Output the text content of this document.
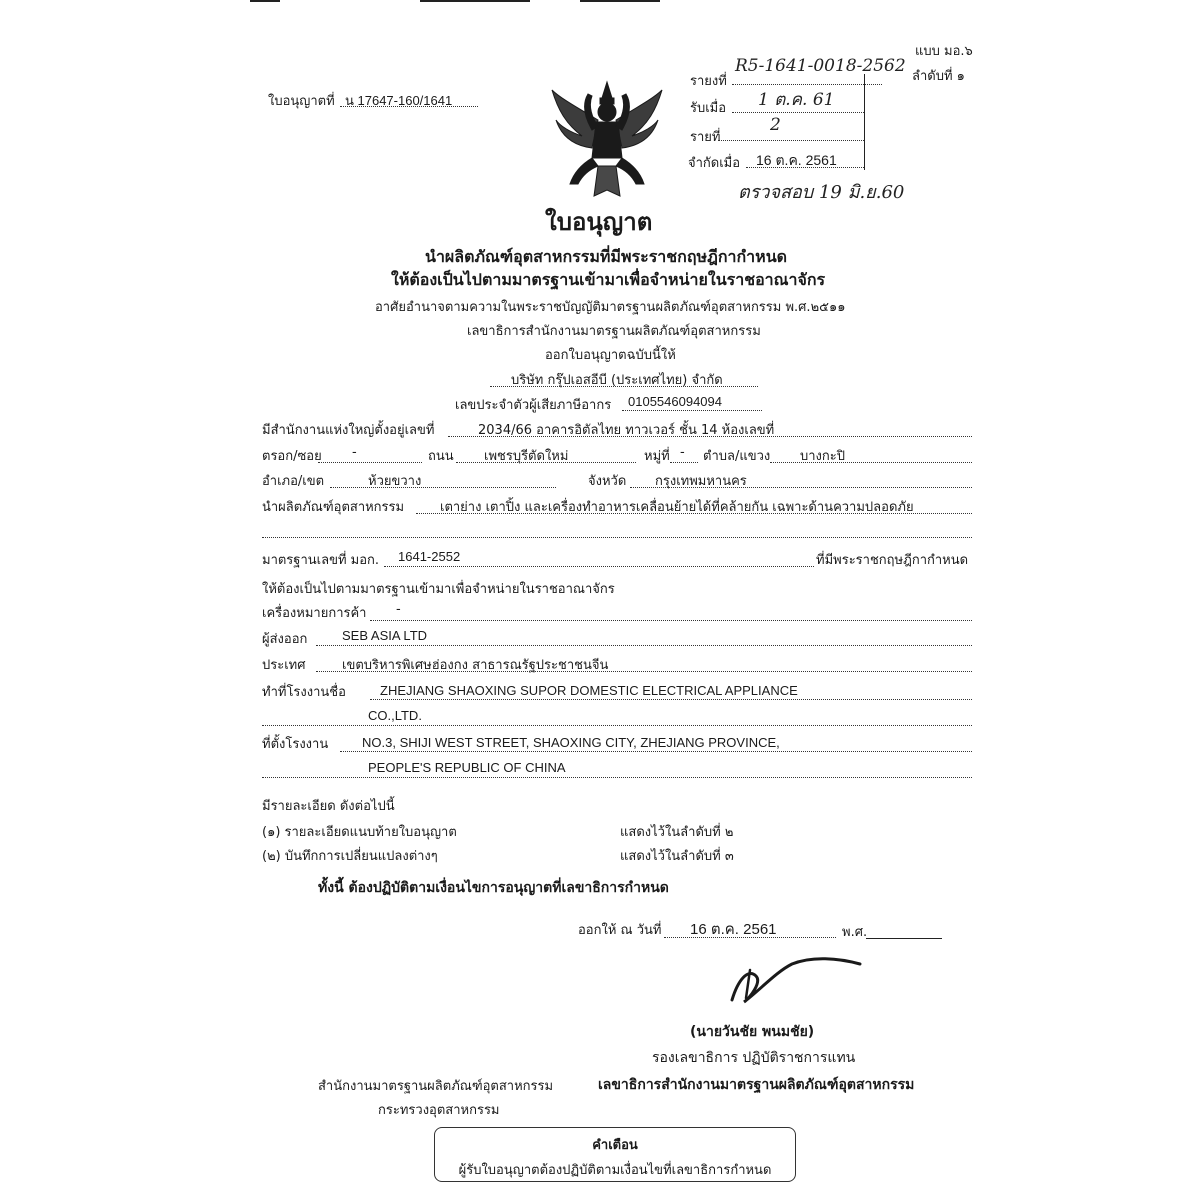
แบบ มอ.๖
ลำดับที่ ๑
ใบอนุญาตที่ น 17647-160/1641
รายงที่
R5-1641-0018-2562
รับเมื่อ 1 ต.ค. 61
รายที่
2
จำกัดเมื่อ 16 ต.ค. 2561
ตรวจสอบ 19 มิ.ย.60
ใบอนุญาต
นำผลิตภัณฑ์อุตสาหกรรมที่มีพระราชกฤษฎีกากำหนด
ให้ต้องเป็นไปตามมาตรฐานเข้ามาเพื่อจำหน่ายในราชอาณาจักร
อาศัยอำนาจตามความในพระราชบัญญัติมาตรฐานผลิตภัณฑ์อุตสาหกรรม พ.ศ.๒๕๑๑
เลขาธิการสำนักงานมาตรฐานผลิตภัณฑ์อุตสาหกรรม
ออกใบอนุญาตฉบับนี้ให้
บริษัท กรุ๊ปเอสอีบี (ประเทศไทย) จำกัด
เลขประจำตัวผู้เสียภาษีอากร 0105546094094
มีสำนักงานแห่งใหญ่ตั้งอยู่เลขที่	2034/66 อาคารอิตัลไทย ทาวเวอร์ ชั้น 14 ห้องเลขที่
ตรอก/ซอย -	ถนน เพชรบุรีตัดใหม่	หมู่ที่ - ตำบล/แขวง บางกะปิ
อำเภอ/เขต	ห้วยขวาง	จังหวัด กรุงเทพมหานคร
นำผลิตภัณฑ์อุตสาหกรรม	เตาย่าง เตาปิ้ง และเครื่องทำอาหารเคลื่อนย้ายได้ที่คล้ายกัน เฉพาะด้านความปลอดภัย
มาตรฐานเลขที่ มอก. 1641-2552	ที่มีพระราชกฤษฎีกากำหนด
ให้ต้องเป็นไปตามมาตรฐานเข้ามาเพื่อจำหน่ายในราชอาณาจักร
เครื่องหมายการค้า -
ผู้ส่งออก	SEB ASIA LTD
ประเทศ	เขตบริหารพิเศษฮ่องกง สาธารณรัฐประชาชนจีน
ทำที่โรงงานชื่อ	ZHEJIANG SHAOXING SUPOR DOMESTIC ELECTRICAL APPLIANCE
CO.,LTD.
ที่ตั้งโรงงาน	NO.3, SHIJI WEST STREET, SHAOXING CITY, ZHEJIANG PROVINCE,
PEOPLE'S REPUBLIC OF CHINA
มีรายละเอียด ดังต่อไปนี้
(๑) รายละเอียดแนบท้ายใบอนุญาต	แสดงไว้ในลำดับที่ ๒
(๒) บันทึกการเปลี่ยนแปลงต่างๆ	แสดงไว้ในลำดับที่ ๓
ทั้งนี้ ต้องปฏิบัติตามเงื่อนไขการอนุญาตที่เลขาธิการกำหนด
ออกให้ ณ วันที่ 16 ต.ค. 2561	พ.ศ.
(นายวันชัย พนมชัย)
รองเลขาธิการ ปฏิบัติราชการแทน
เลขาธิการสำนักงานมาตรฐานผลิตภัณฑ์อุตสาหกรรม
สำนักงานมาตรฐานผลิตภัณฑ์อุตสาหกรรม
กระทรวงอุตสาหกรรม
คำเตือน
ผู้รับใบอนุญาตต้องปฏิบัติตามเงื่อนไขที่เลขาธิการกำหนด
